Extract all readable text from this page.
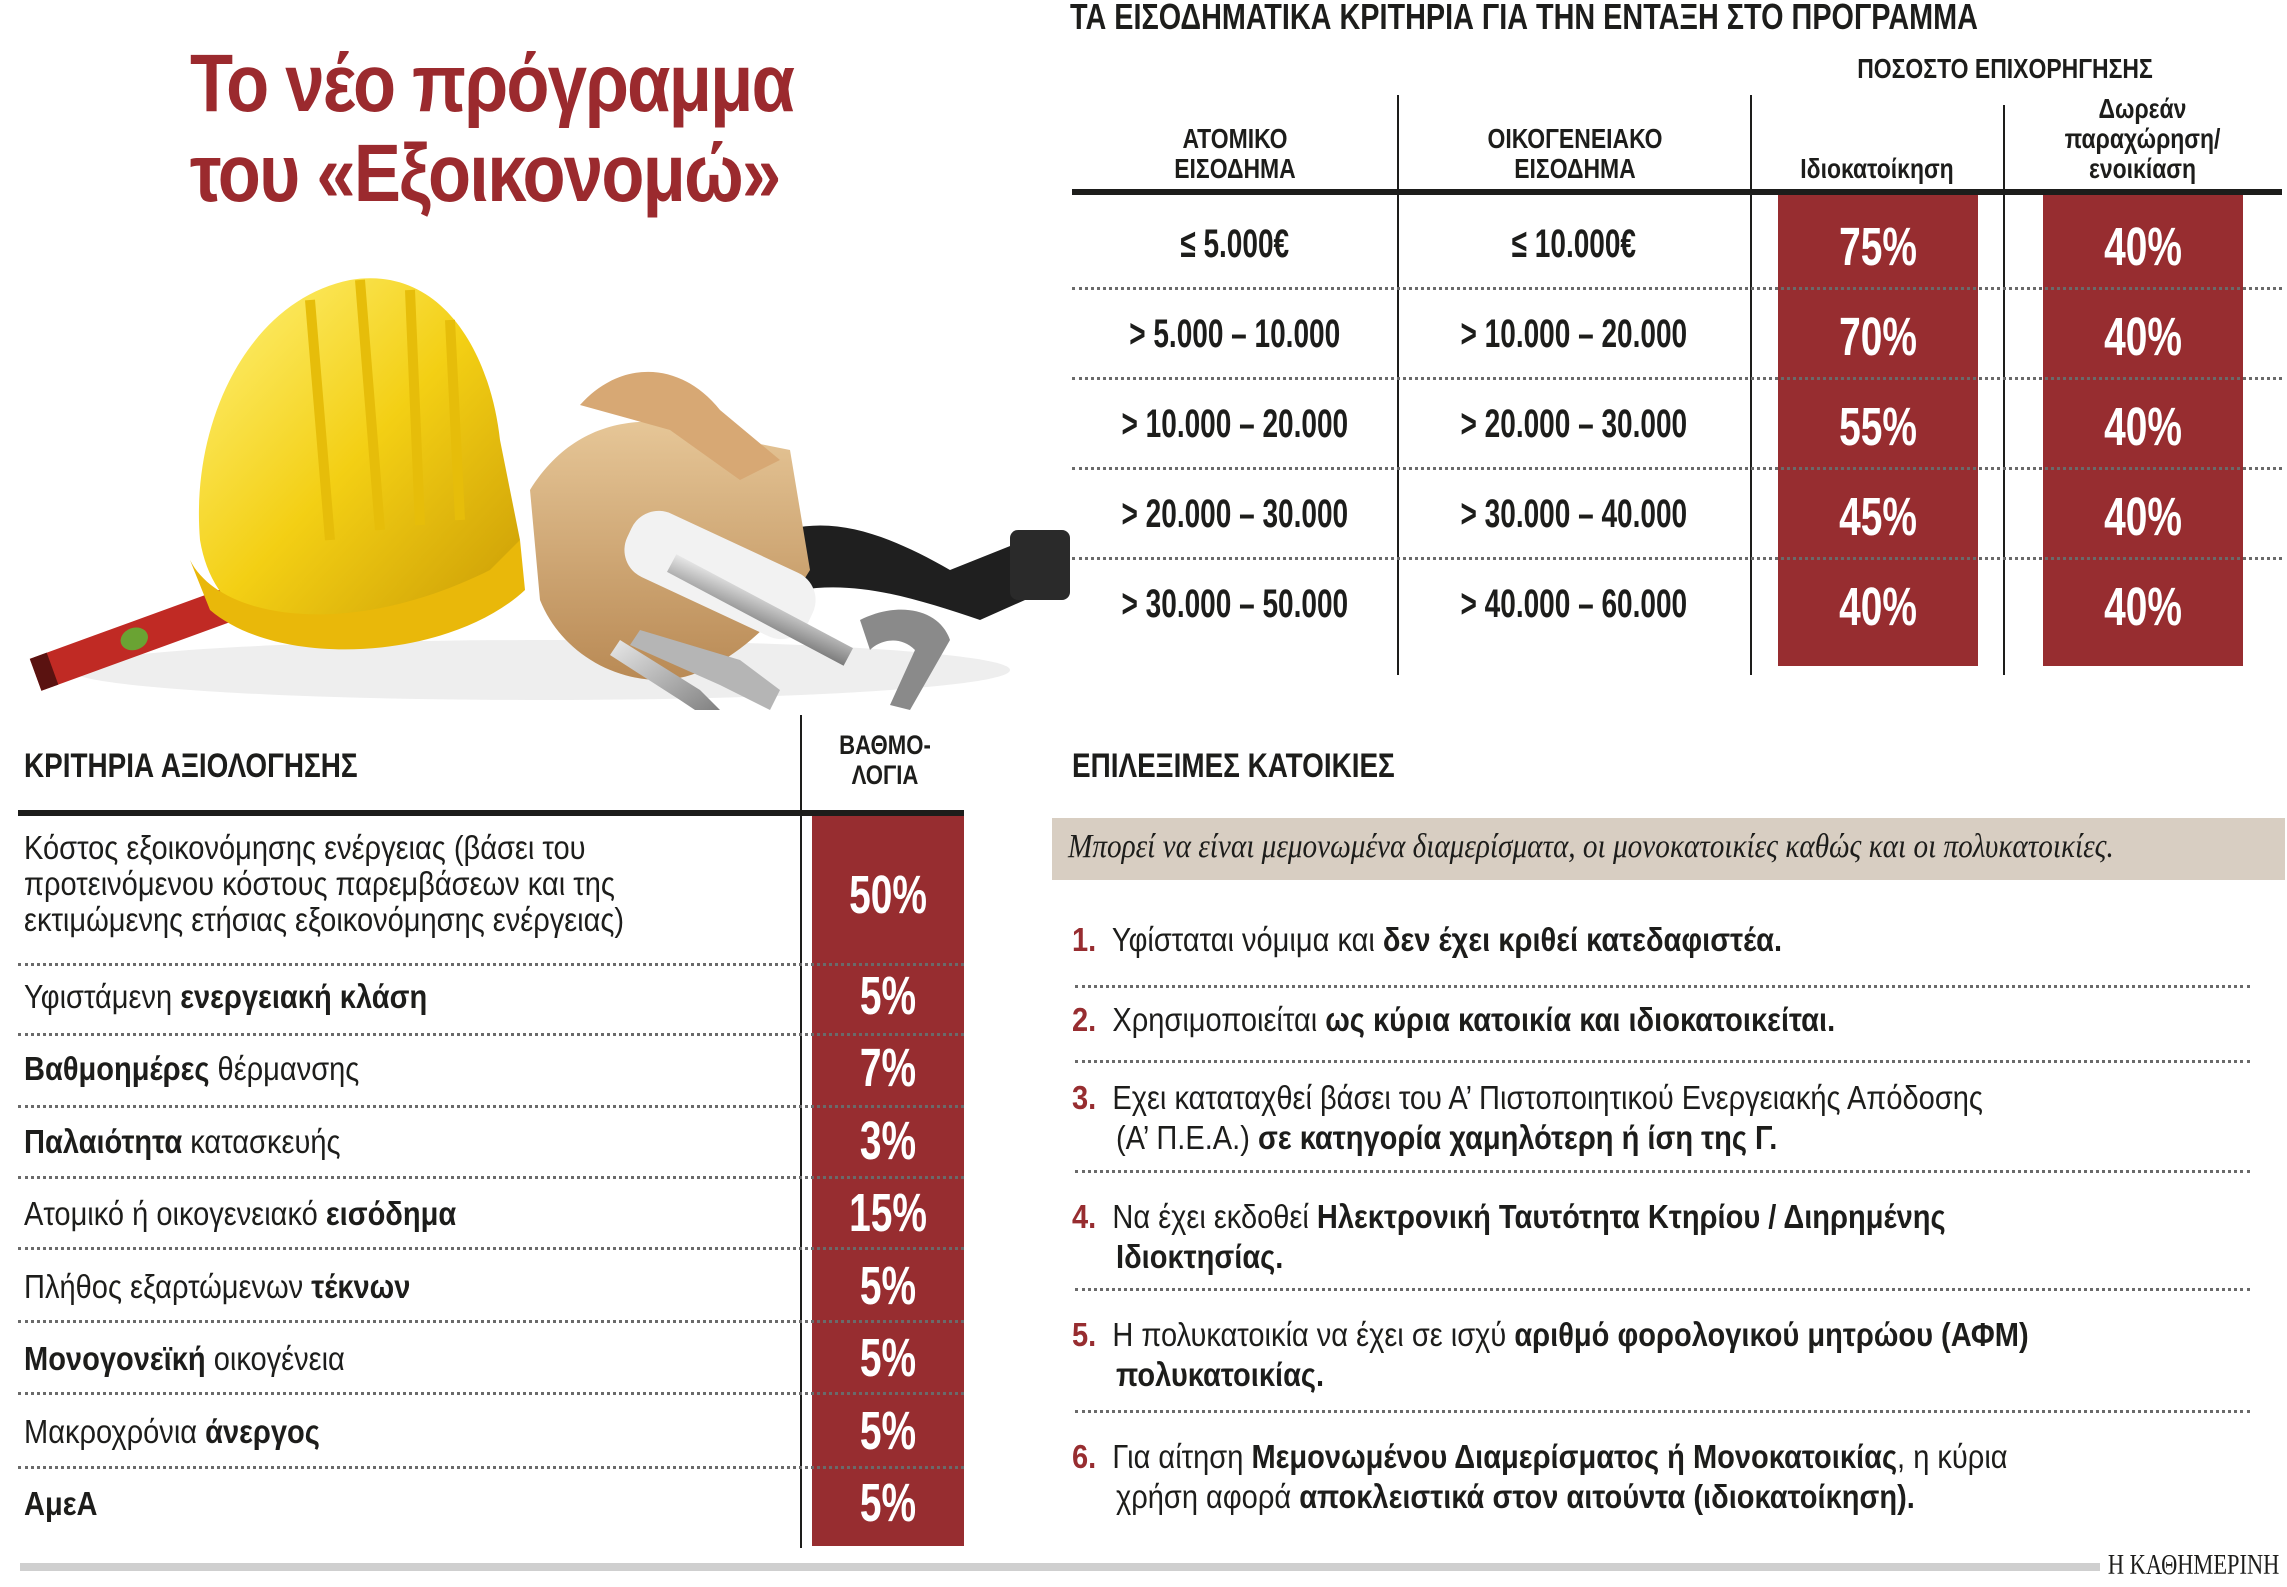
Το νέο πρόγραμμα
του «Εξοικονομώ»
ΤΑ ΕΙΣΟΔΗΜΑΤΙΚΑ ΚΡΙΤΗΡΙΑ ΓΙΑ ΤΗΝ ΕΝΤΑΞΗ ΣΤΟ ΠΡΟΓΡΑΜΜΑ
ΠΟΣΟΣΤΟ ΕΠΙΧΟΡΗΓΗΣΗΣ
ΑΤΟΜΙΚΟ
ΕΙΣΟΔΗΜΑ
ΟΙΚΟΓΕΝΕΙΑΚΟ
ΕΙΣΟΔΗΜΑ	Ιδιοκατοίκηση
Δωρεάν
παραχώρηση/
ενοικίαση
≤ 5.000€	≤ 10.000€	75%	40%
> 5.000 – 10.000	> 10.000 – 20.000	70%	40%
> 10.000 – 20.000	> 20.000 – 30.000	55%	40%
> 20.000 – 30.000	> 30.000 – 40.000	45%	40%
> 30.000 – 50.000	> 40.000 – 60.000	40%	40%
ΚΡΙΤΗΡΙΑ ΑΞΙΟΛΟΓΗΣΗΣ
ΒΑΘΜΟ-
ΛΟΓΙΑ
Κόστος εξοικονόμησης ενέργειας (βάσει του
προτεινόμενου κόστους παρεμβάσεων και της
εκτιμώμενης ετήσιας εξοικονόμησης ενέργειας)	50%
Υφιστάμενη ενεργειακή κλάση	5%
Βαθμοημέρες θέρμανσης	7%
Παλαιότητα κατασκευής	3%
Ατομικό ή οικογενειακό εισόδημα	15%
Πλήθος εξαρτώμενων τέκνων	5%
Μονογονεϊκή οικογένεια	5%
Μακροχρόνια άνεργος	5%
ΑμεΑ	5%
ΕΠΙΛΕΞΙΜΕΣ ΚΑΤΟΙΚΙΕΣ
Μπορεί να είναι μεμονωμένα διαμερίσματα, οι μονοκατοικίες καθώς και οι πολυκατοικίες.
1. Υφίσταται νόμιμα και δεν έχει κριθεί κατεδαφιστέα.
2. Χρησιμοποιείται ως κύρια κατοικία και ιδιοκατοικείται.
3. Εχει καταταχθεί βάσει του Α’ Πιστοποιητικού Ενεργειακής Απόδοσης
(Α’ Π.Ε.Α.) σε κατηγορία χαμηλότερη ή ίση της Γ.
4. Να έχει εκδοθεί Ηλεκτρονική Ταυτότητα Κτηρίου / Διηρημένης
Ιδιοκτησίας.
5. Η πολυκατοικία να έχει σε ισχύ αριθμό φορολογικού μητρώου (ΑΦΜ)
πολυκατοικίας.
6. Για αίτηση Μεμονωμένου Διαμερίσματος ή Μονοκατοικίας, η κύρια
χρήση αφορά αποκλειστικά στον αιτούντα (ιδιοκατοίκηση).
Η ΚΑΘΗΜΕΡΙΝΗ
